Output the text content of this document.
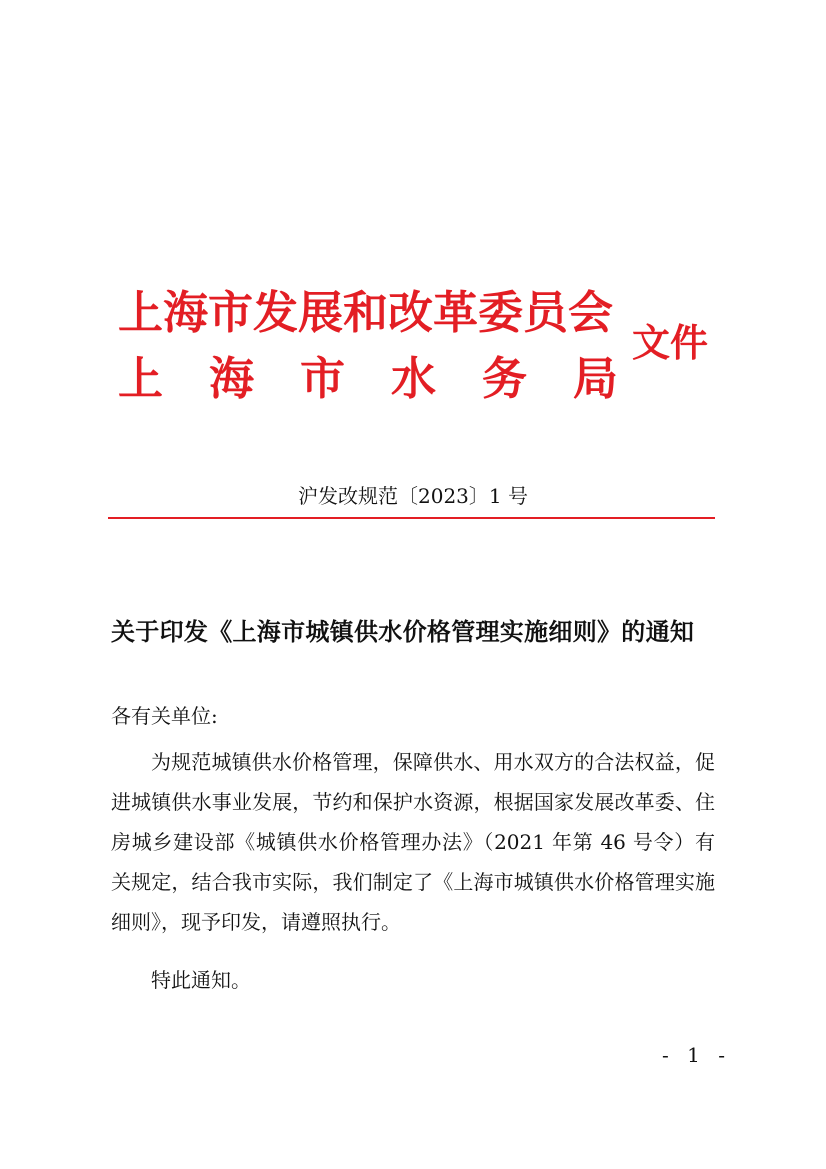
上海市发展和改革委员会
上 海 市 水 务 局
文件
沪发改规范〔2023〕1 号
关于印发《上海市城镇供水价格管理实施细则》的通知
各有关单位:

为规范城镇供水价格管理，保障供水、用水双方的合法权益，促进城镇供水事业发展，节约和保护水资源，根据国家发展改革委、住房城乡建设部《城镇供水价格管理办法》（2021 年第 46 号令）有关规定，结合我市实际，我们制定了《上海市城镇供水价格管理实施细则》，现予印发，请遵照执行。

特此通知。
- 1 -
